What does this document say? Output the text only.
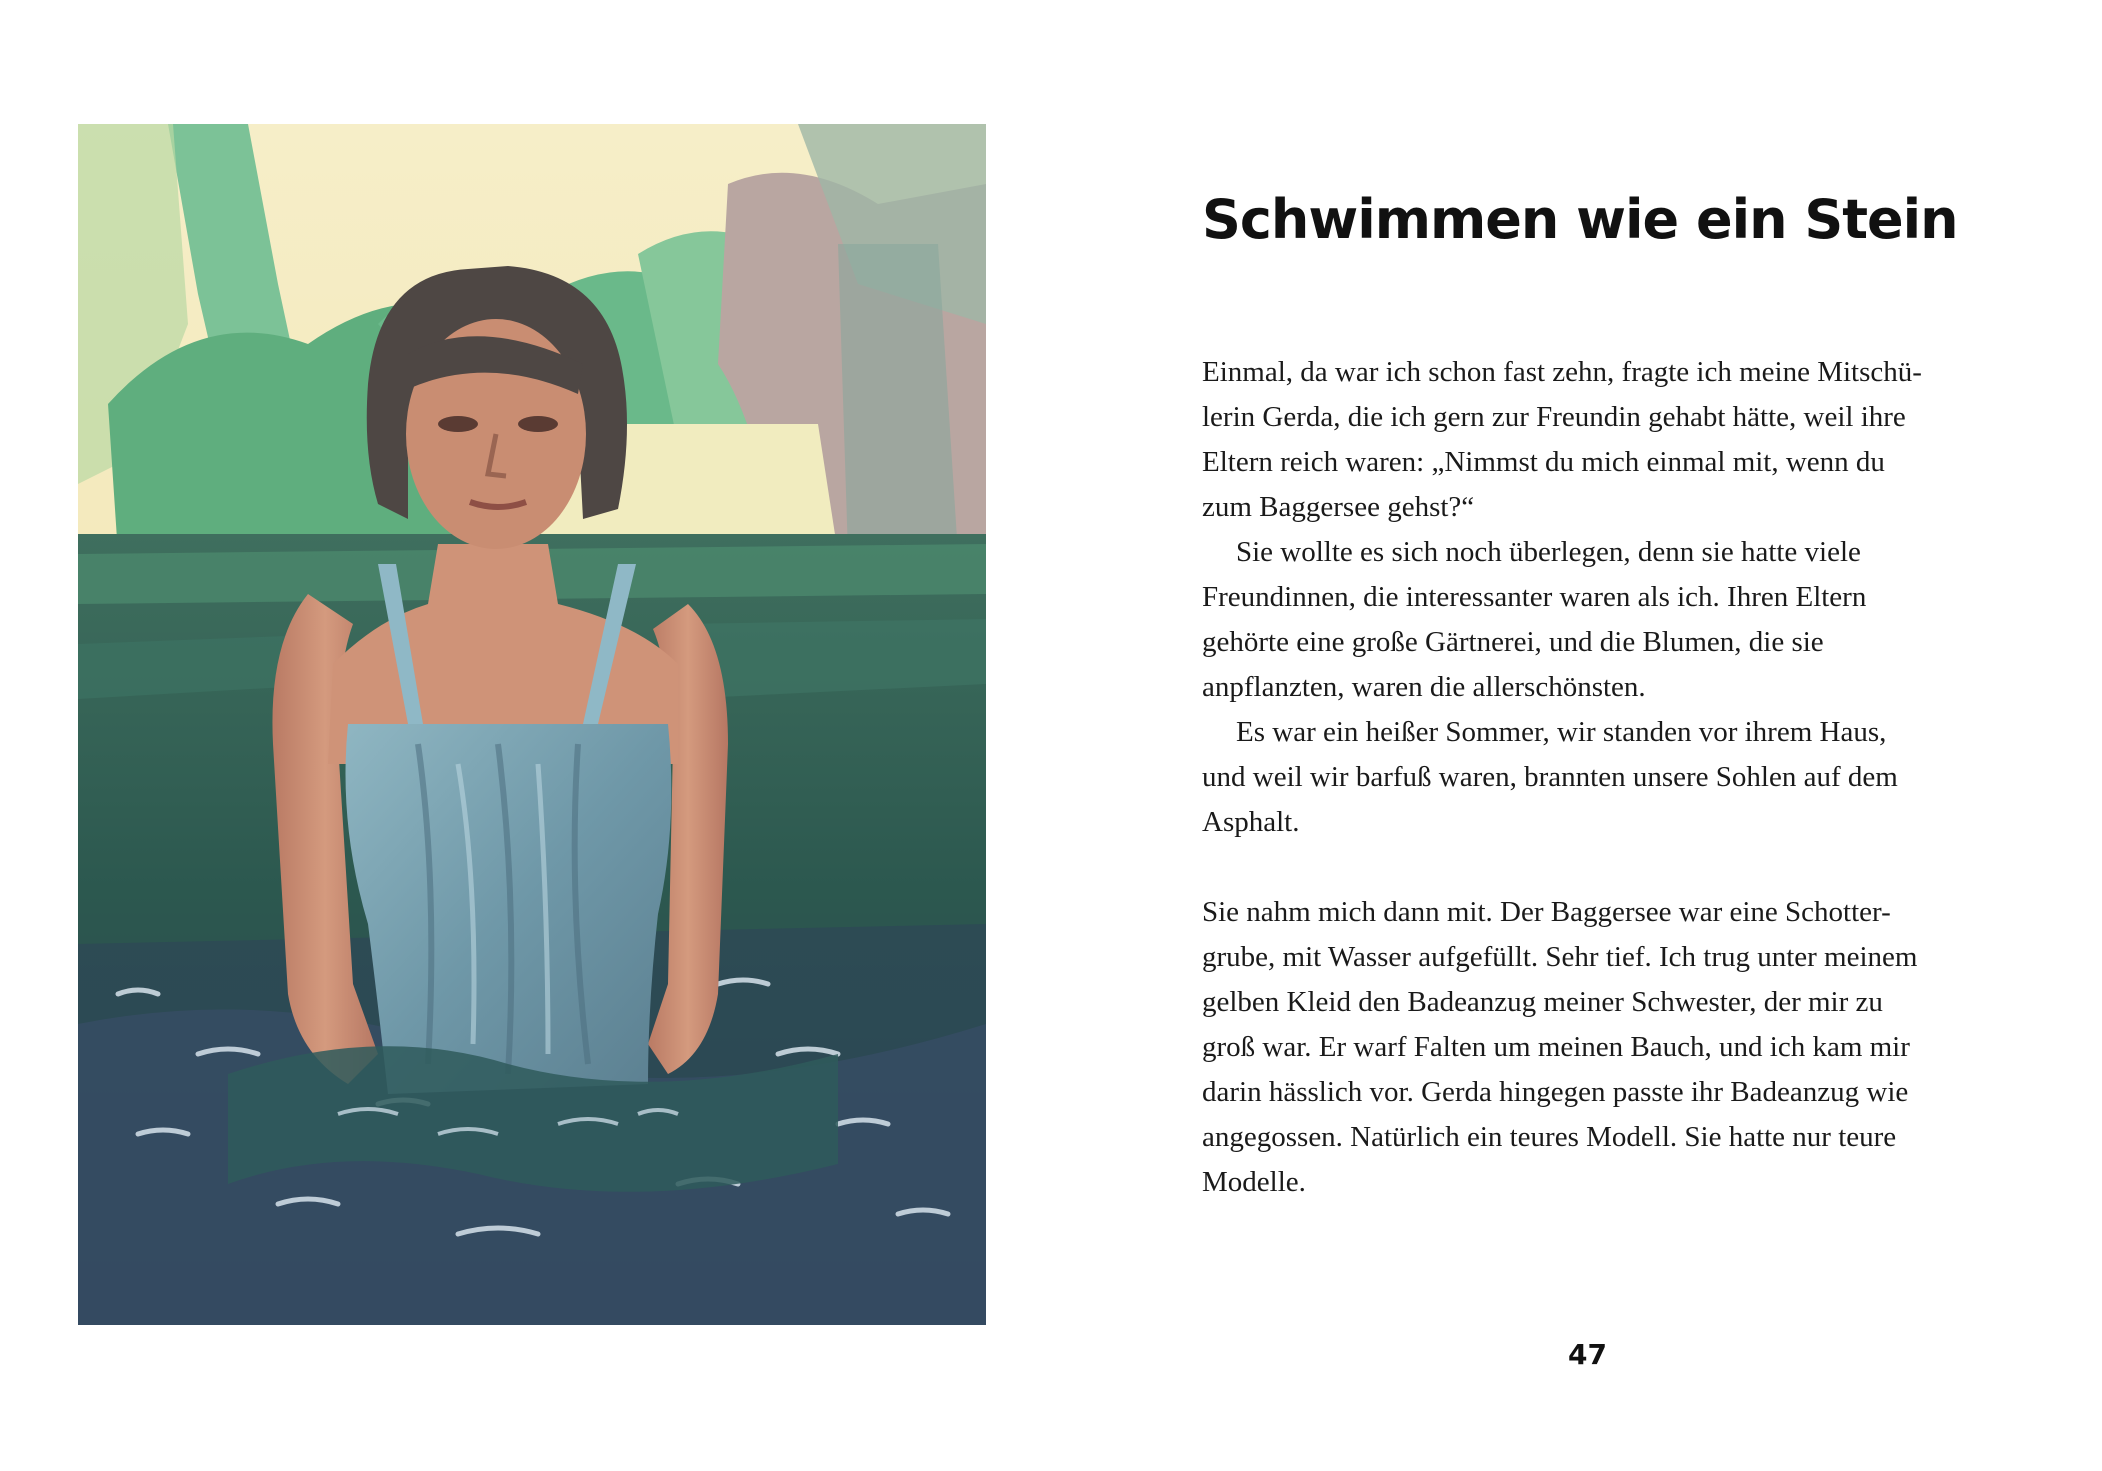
Schwimmen wie ein Stein
Einmal, da war ich schon fast zehn, fragte ich meine Mitschü-
lerin Gerda, die ich gern zur Freundin gehabt hätte, weil ihre
Eltern reich waren: „Nimmst du mich einmal mit, wenn du
zum Baggersee gehst?“
Sie wollte es sich noch überlegen, denn sie hatte viele
Freundinnen, die interessanter waren als ich. Ihren Eltern
gehörte eine große Gärtnerei, und die Blumen, die sie
anpflanzten, waren die allerschönsten.
Es war ein heißer Sommer, wir standen vor ihrem Haus,
und weil wir barfuß waren, brannten unsere Sohlen auf dem
Asphalt.
Sie nahm mich dann mit. Der Baggersee war eine Schotter-
grube, mit Wasser aufgefüllt. Sehr tief. Ich trug unter meinem
gelben Kleid den Badeanzug meiner Schwester, der mir zu
groß war. Er warf Falten um meinen Bauch, und ich kam mir
darin hässlich vor. Gerda hingegen passte ihr Badeanzug wie
angegossen. Natürlich ein teures Modell. Sie hatte nur teure
Modelle.
47
